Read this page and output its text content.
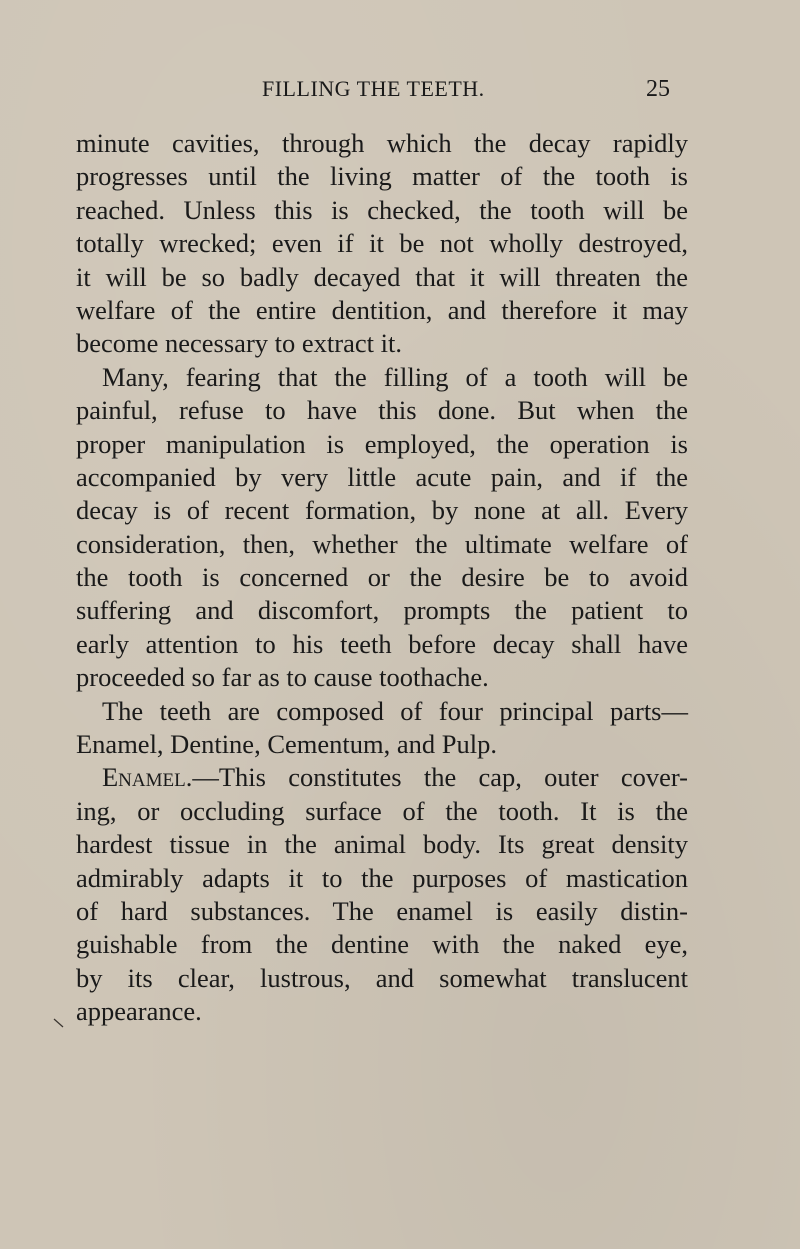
FILLING THE TEETH.	25
minute cavities, through which the decay rapidly
progresses until the living matter of the tooth is
reached. Unless this is checked, the tooth will be
totally wrecked; even if it be not wholly destroyed,
it will be so badly decayed that it will threaten the
welfare of the entire dentition, and therefore it may
become necessary to extract it.
Many, fearing that the filling of a tooth will be
painful, refuse to have this done. But when the
proper manipulation is employed, the operation is
accompanied by very little acute pain, and if the
decay is of recent formation, by none at all. Every
consideration, then, whether the ultimate welfare of
the tooth is concerned or the desire be to avoid
suffering and discomfort, prompts the patient to
early attention to his teeth before decay shall have
proceeded so far as to cause toothache.
The teeth are composed of four principal parts—
Enamel, Dentine, Cementum, and Pulp.
Enamel.—This constitutes the cap, outer cover-
ing, or occluding surface of the tooth. It is the
hardest tissue in the animal body. Its great density
admirably adapts it to the purposes of mastication
of hard substances. The enamel is easily distin-
guishable from the dentine with the naked eye,
by its clear, lustrous, and somewhat translucent
appearance.
